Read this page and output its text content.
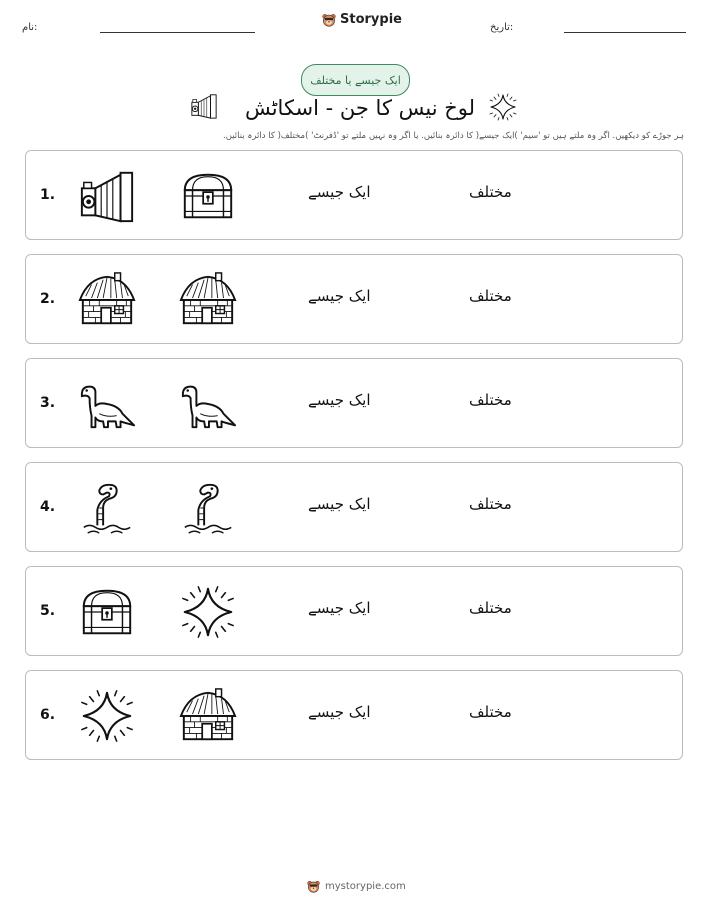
نام:
Storypie
تاریخ:
ایک جیسے یا مختلف
لوخ نیس کا جن - اسکاٹش
ہر جوڑے کو دیکھیں. اگر وہ ملتے ہیں تو 'سیم' )ایک جیسے( کا دائرہ بنائیں. یا اگر وہ نہیں ملتے تو 'ڈفرنٹ' )مختلف( کا دائرہ بنائیں.
1.	ایک جیسے	مختلف
2.	ایک جیسے	مختلف
3.	ایک جیسے	مختلف
4.	ایک جیسے	مختلف
5.	ایک جیسے	مختلف
6.	ایک جیسے	مختلف
mystorypie.com
